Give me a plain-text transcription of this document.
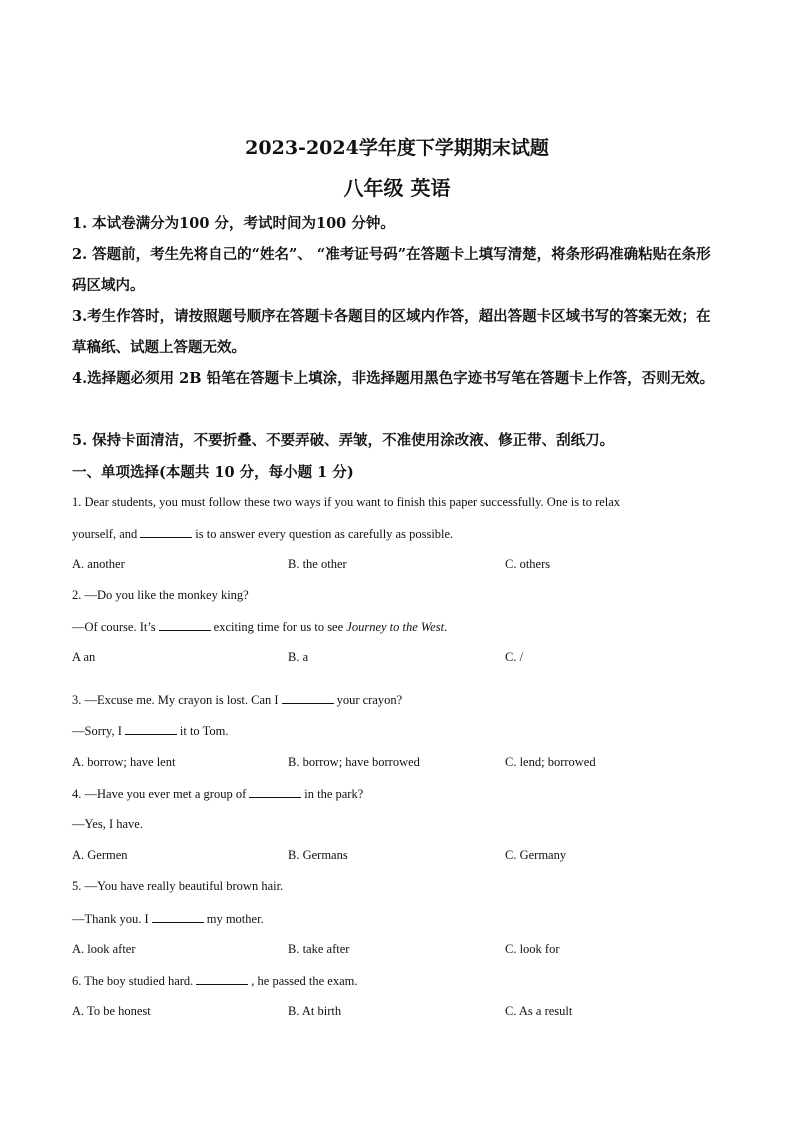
2023-2024学年度下学期期末试题
八年级 英语
1. 本试卷满分为100 分，考试时间为100 分钟。
2. 答题前，考生先将自己的“姓名”、 “准考证号码”在答题卡上填写清楚，将条形码准确粘贴在条形码区域内。
3.考生作答时，请按照题号顺序在答题卡各题目的区域内作答，超出答题卡区域书写的答案无效；在草稿纸、试题上答题无效。
4.选择题必须用 2B 铅笔在答题卡上填涂，非选择题用黑色字迹书写笔在答题卡上作答，否则无效。
5. 保持卡面清洁，不要折叠、不要弄破、弄皱，不准使用涂改液、修正带、刮纸刀。
一、单项选择(本题共 10 分，每小题 1 分)
1. Dear students, you must follow these two ways if you want to finish this paper successfully. One is to relax
yourself, and	is to answer every question as carefully as possible.
A. another	B. the other	C. others
2. —Do you like the monkey king?
—Of course. It’s	exciting time for us to see Journey to the West.
A an	B. a	C. /
3. —Excuse me. My crayon is lost. Can I	your crayon?
—Sorry, I	it to Tom.
A. borrow; have lent	B. borrow; have borrowed	C. lend; borrowed
4. —Have you ever met a group of	in the park?
—Yes, I have.
A. Germen	B. Germans	C. Germany
5. —You have really beautiful brown hair.
—Thank you. I	my mother.
A. look after	B. take after	C. look for
6. The boy studied hard.	, he passed the exam.
A. To be honest	B. At birth	C. As a result
